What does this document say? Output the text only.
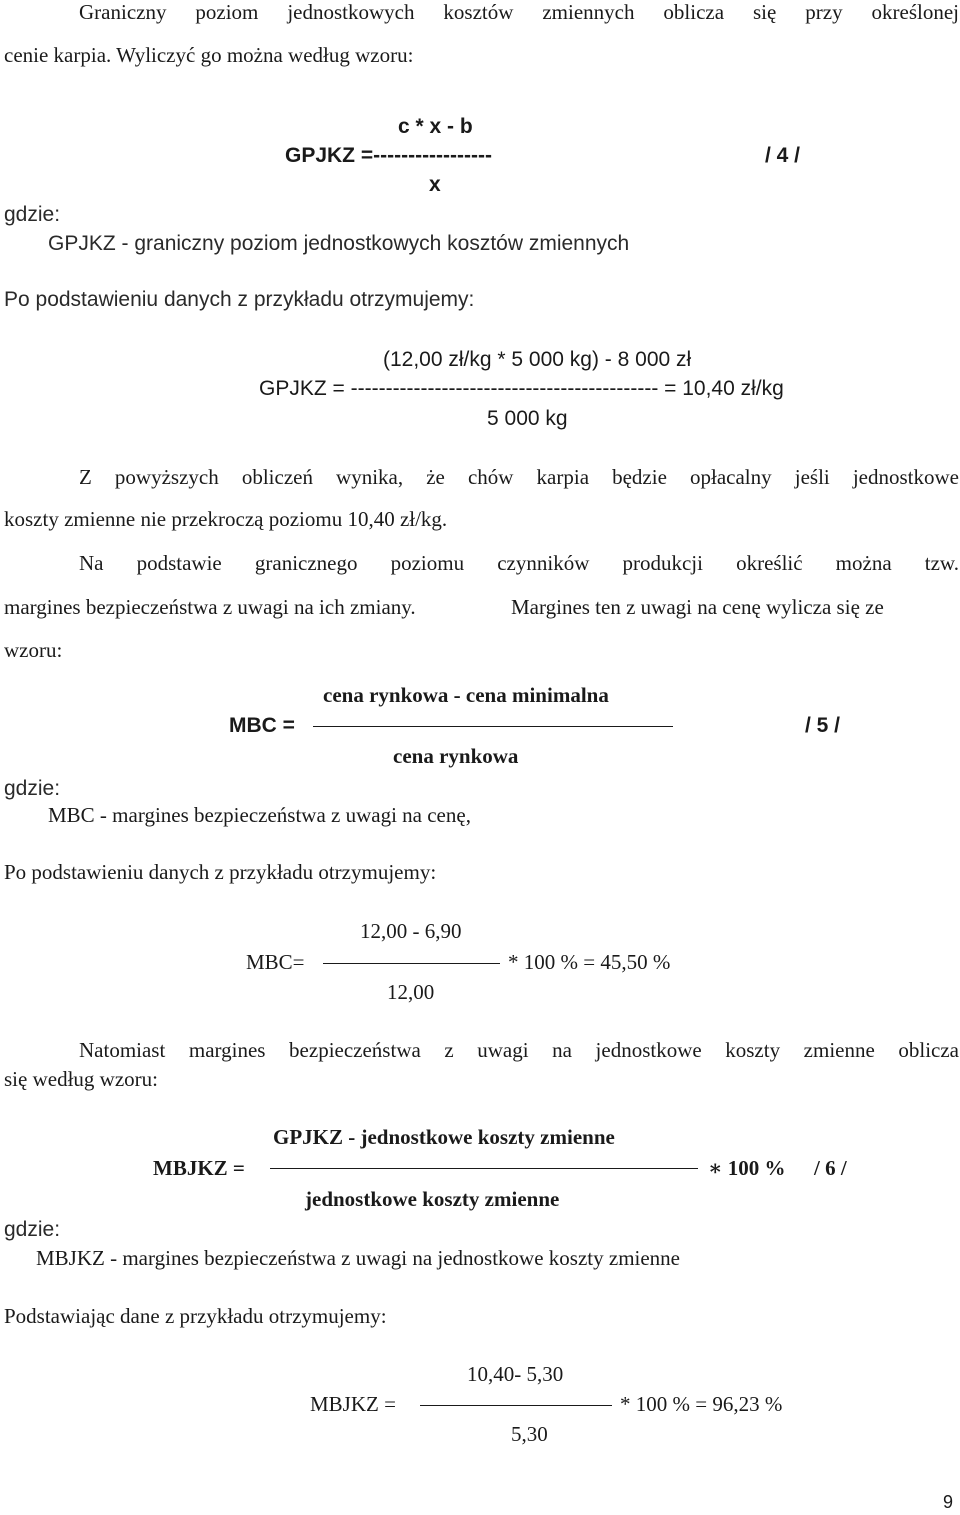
Graniczny poziom jednostkowych kosztów zmiennych oblicza się przy określonej
cenie karpia. Wyliczyć go można według wzoru:
c * x - b
GPJKZ =-----------------	/ 4 /
x
gdzie:
GPJKZ - graniczny poziom jednostkowych kosztów zmiennych
Po podstawieniu danych z przykładu otrzymujemy:
(12,00 zł/kg * 5 000 kg) - 8 000 zł
GPJKZ = -------------------------------------------- = 10,40 zł/kg
5 000 kg
Z powyższych obliczeń wynika, że chów karpia będzie opłacalny jeśli jednostkowe
koszty zmienne nie przekroczą poziomu 10,40 zł/kg.
Na podstawie granicznego poziomu czynników produkcji określić można tzw.
margines bezpieczeństwa z uwagi na ich zmiany.	Margines ten z uwagi na cenę wylicza się ze
wzoru:
cena rynkowa - cena minimalna
MBC =	/ 5 /
cena rynkowa
gdzie:
MBC - margines bezpieczeństwa z uwagi na cenę,
Po podstawieniu danych z przykładu otrzymujemy:
12,00 - 6,90
MBC=	* 100 % = 45,50 %
12,00
Natomiast margines bezpieczeństwa z uwagi na jednostkowe koszty zmienne oblicza
się według wzoru:
GPJKZ - jednostkowe koszty zmienne
MBJKZ =	∗ 100 % / 6 /
jednostkowe koszty zmienne
gdzie:
MBJKZ - margines bezpieczeństwa z uwagi na jednostkowe koszty zmienne
Podstawiając dane z przykładu otrzymujemy:
10,40- 5,30
MBJKZ =	* 100 % = 96,23 %
5,30
9
